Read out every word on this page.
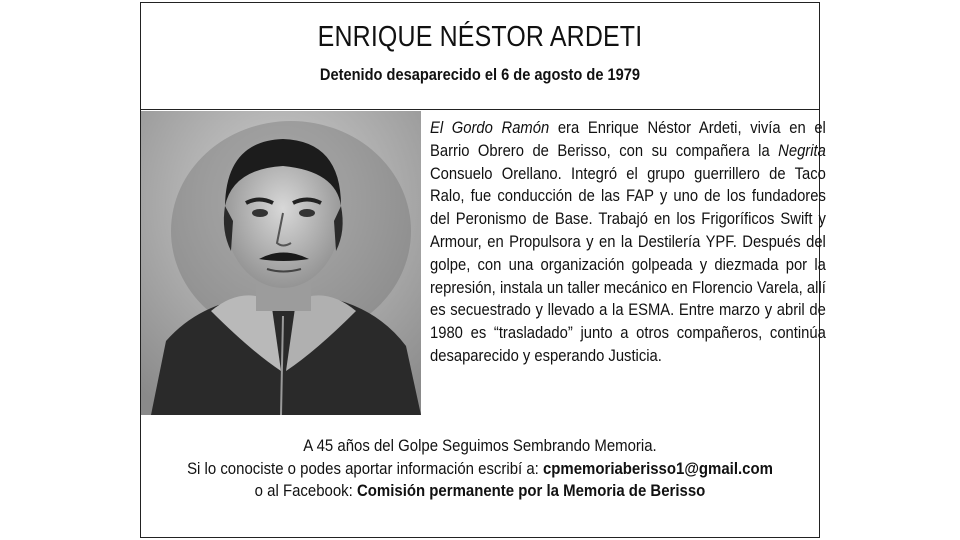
ENRIQUE NÉSTOR ARDETI
Detenido desaparecido el 6 de agosto de 1979
El Gordo Ramón era Enrique Néstor Ardeti, vivía en el Barrio Obrero de Berisso, con su compañera la Negrita Consuelo Orellano. Integró el grupo guerrillero de Taco Ralo, fue conducción de las FAP y uno de los fundadores del Peronismo de Base. Trabajó en los Frigoríficos Swift y Armour, en Propulsora y en la Destilería YPF. Después del golpe, con una organización golpeada y diezmada por la represión, instala un taller mecánico en Florencio Varela, allí es secuestrado y llevado a la ESMA. Entre marzo y abril de 1980 es “trasladado” junto a otros compañeros, continúa desaparecido y esperando Justicia.
A 45 años del Golpe Seguimos Sembrando Memoria.
Si lo conociste o podes aportar información escribí a: cpmemoriaberisso1@gmail.com
o al Facebook: Comisión permanente por la Memoria de Berisso
